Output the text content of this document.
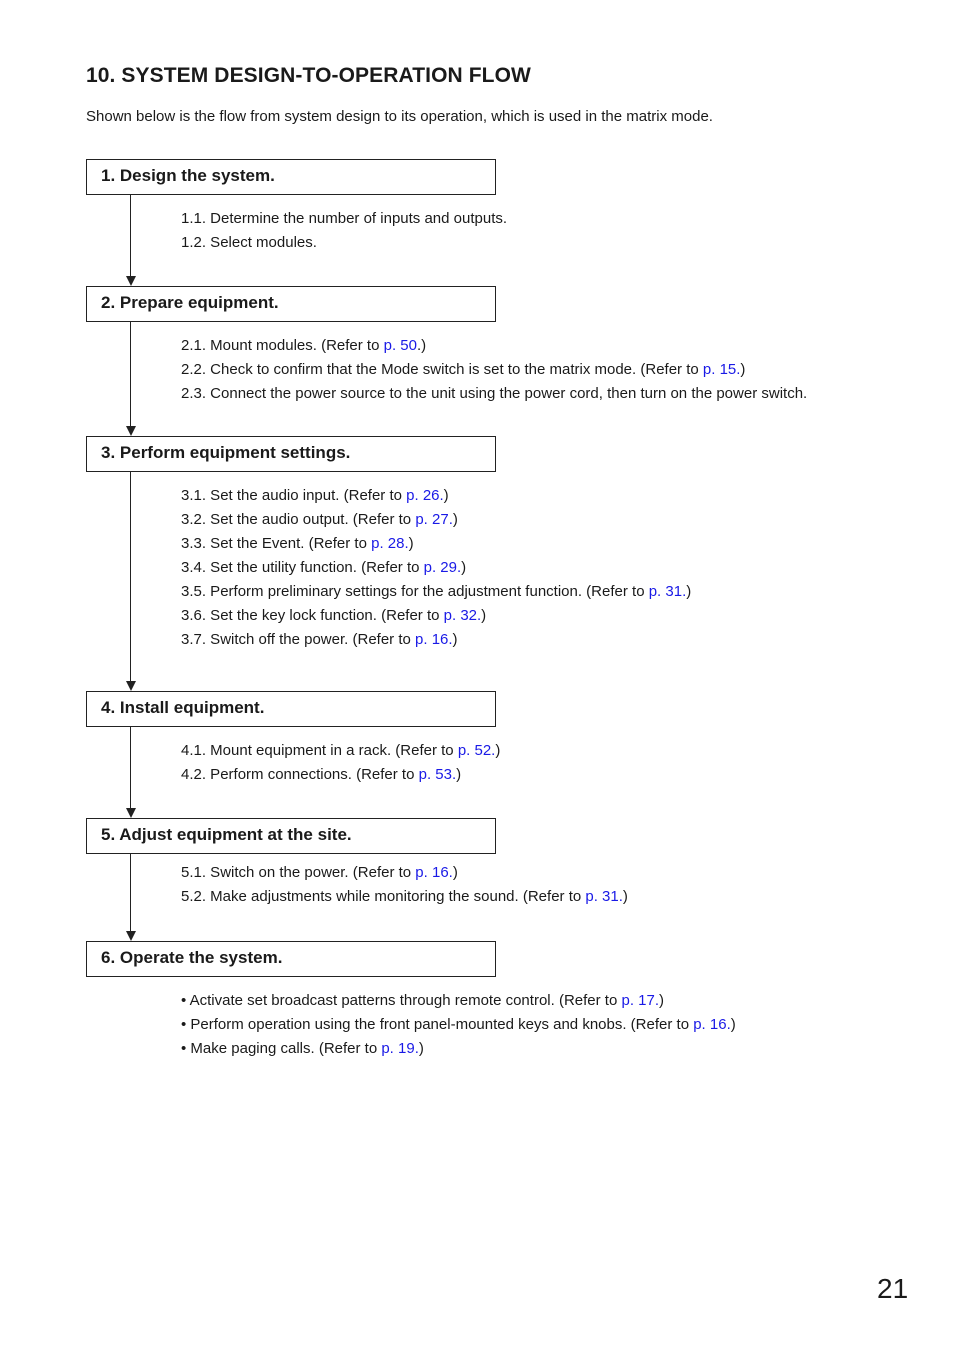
10. SYSTEM DESIGN-TO-OPERATION FLOW

Shown below is the flow from system design to its operation, which is used in the matrix mode.

1. Design the system.
1.1. Determine the number of inputs and outputs.
1.2. Select modules.
2. Prepare equipment.
2.1. Mount modules. (Refer to p. 50.)
2.2. Check to confirm that the Mode switch is set to the matrix mode. (Refer to p. 15.)
2.3. Connect the power source to the unit using the power cord, then turn on the power switch.
3. Perform equipment settings.
3.1. Set the audio input. (Refer to p. 26.)
3.2. Set the audio output. (Refer to p. 27.)
3.3. Set the Event. (Refer to p. 28.)
3.4. Set the utility function. (Refer to p. 29.)
3.5. Perform preliminary settings for the adjustment function. (Refer to p. 31.)
3.6. Set the key lock function. (Refer to p. 32.)
3.7. Switch off the power. (Refer to p. 16.)
4. Install equipment.
4.1. Mount equipment in a rack. (Refer to p. 52.)
4.2. Perform connections. (Refer to p. 53.)
5. Adjust equipment at the site.
5.1. Switch on the power. (Refer to p. 16.)
5.2. Make adjustments while monitoring the sound. (Refer to p. 31.)
6. Operate the system.
• Activate set broadcast patterns through remote control. (Refer to p. 17.)
• Perform operation using the front panel-mounted keys and knobs. (Refer to p. 16.)
• Make paging calls. (Refer to p. 19.)
21
